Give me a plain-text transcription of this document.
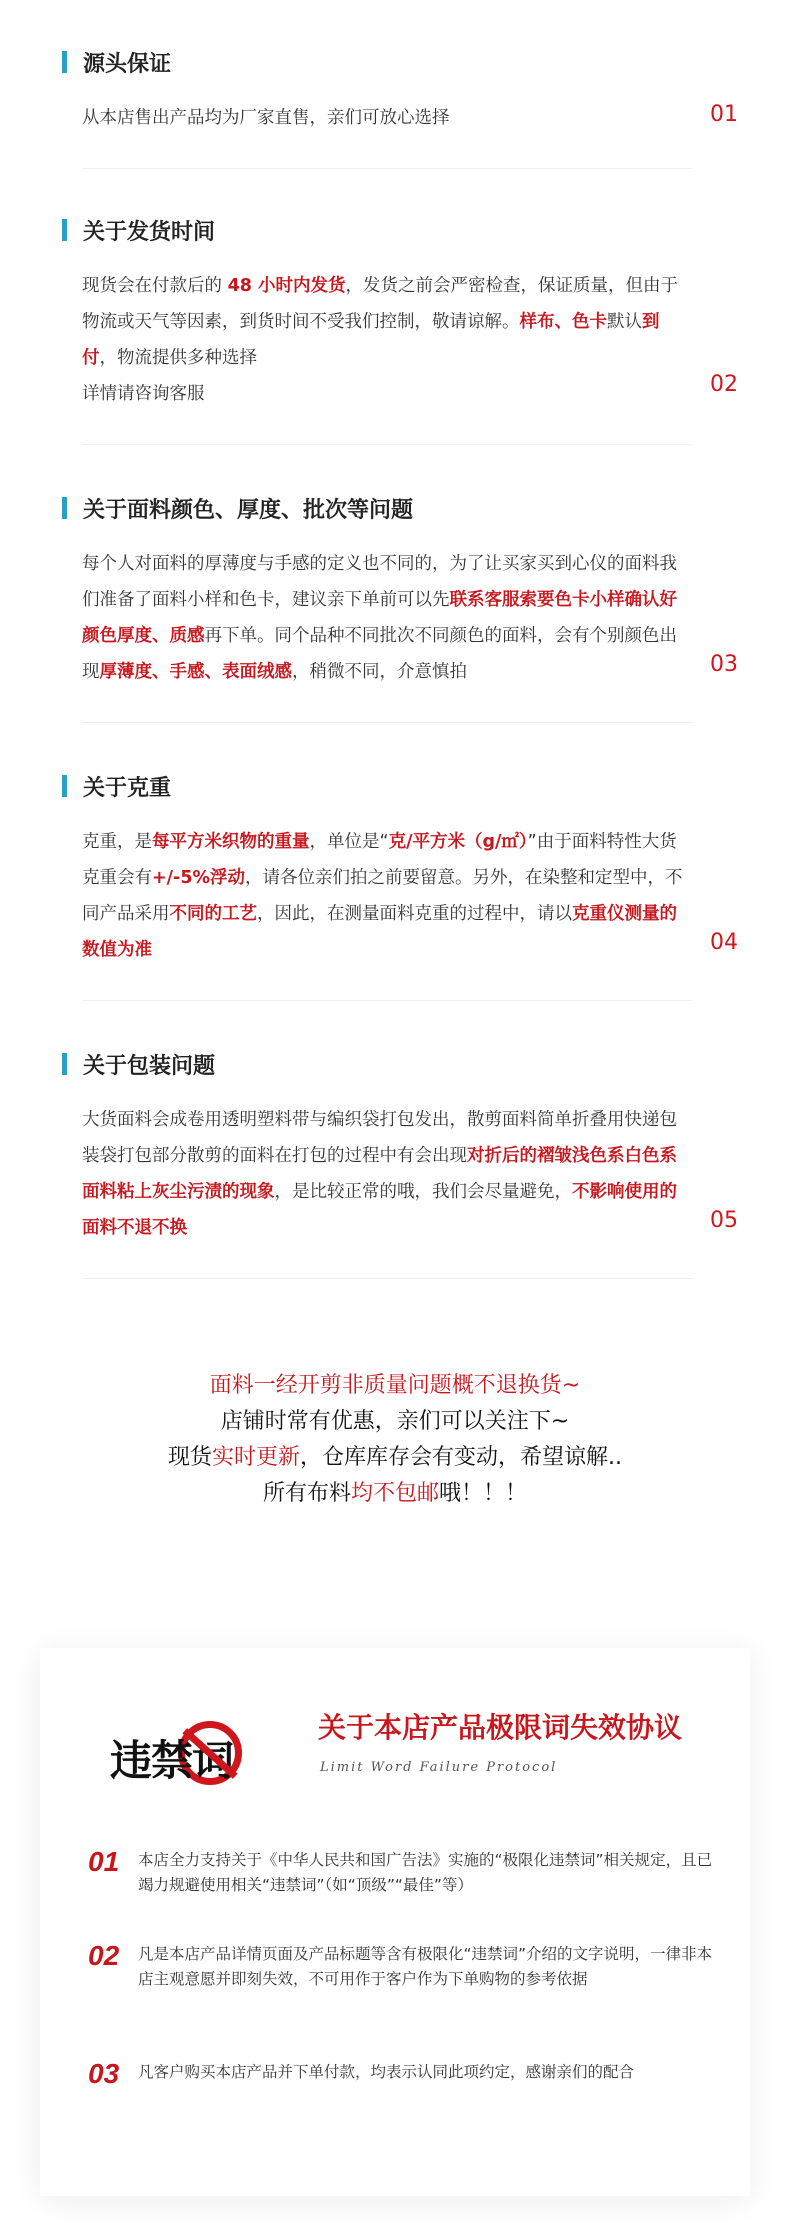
源头保证
从本店售出产品均为厂家直售，亲们可放心选择	01
关于发货时间
现货会在付款后的 48 小时内发货，发货之前会严密检查，保证质量，但由于物流或天气等因素，到货时间不受我们控制，敬请谅解。样布、色卡默认到付，物流提供多种选择
详情请咨询客服	02
关于面料颜色、厚度、批次等问题
每个人对面料的厚薄度与手感的定义也不同的，为了让买家买到心仪的面料我们准备了面料小样和色卡，建议亲下单前可以先联系客服索要色卡小样确认好颜色厚度、质感再下单。同个品种不同批次不同颜色的面料，会有个别颜色出现厚薄度、手感、表面绒感，稍微不同，介意慎拍	03
关于克重
克重，是每平方米织物的重量，单位是“克/平方米（g/㎡）”由于面料特性大货克重会有+/-5%浮动，请各位亲们拍之前要留意。另外，在染整和定型中，不同产品采用不同的工艺，因此，在测量面料克重的过程中，请以克重仪测量的数值为准	04
关于包装问题
大货面料会成卷用透明塑料带与编织袋打包发出，散剪面料简单折叠用快递包装袋打包部分散剪的面料在打包的过程中有会出现对折后的褶皱浅色系白色系面料粘上灰尘污渍的现象，是比较正常的哦，我们会尽量避免，不影响使用的面料不退不换	05
面料一经开剪非质量问题概不退换货~
店铺时常有优惠，亲们可以关注下~
现货实时更新，仓库库存会有变动，希望谅解..
所有布料均不包邮哦！！！
违禁词
关于本店产品极限词失效协议
Limit Word Failure Protocol
01 本店全力支持关于《中华人民共和国广告法》实施的“极限化违禁词”相关规定，且已竭力规避使用相关“违禁词”（如“顶级”“最佳”等）
02 凡是本店产品详情页面及产品标题等含有极限化“违禁词”介绍的文字说明，一律非本店主观意愿并即刻失效，不可用作于客户作为下单购物的参考依据
03 凡客户购买本店产品并下单付款，均表示认同此项约定，感谢亲们的配合
